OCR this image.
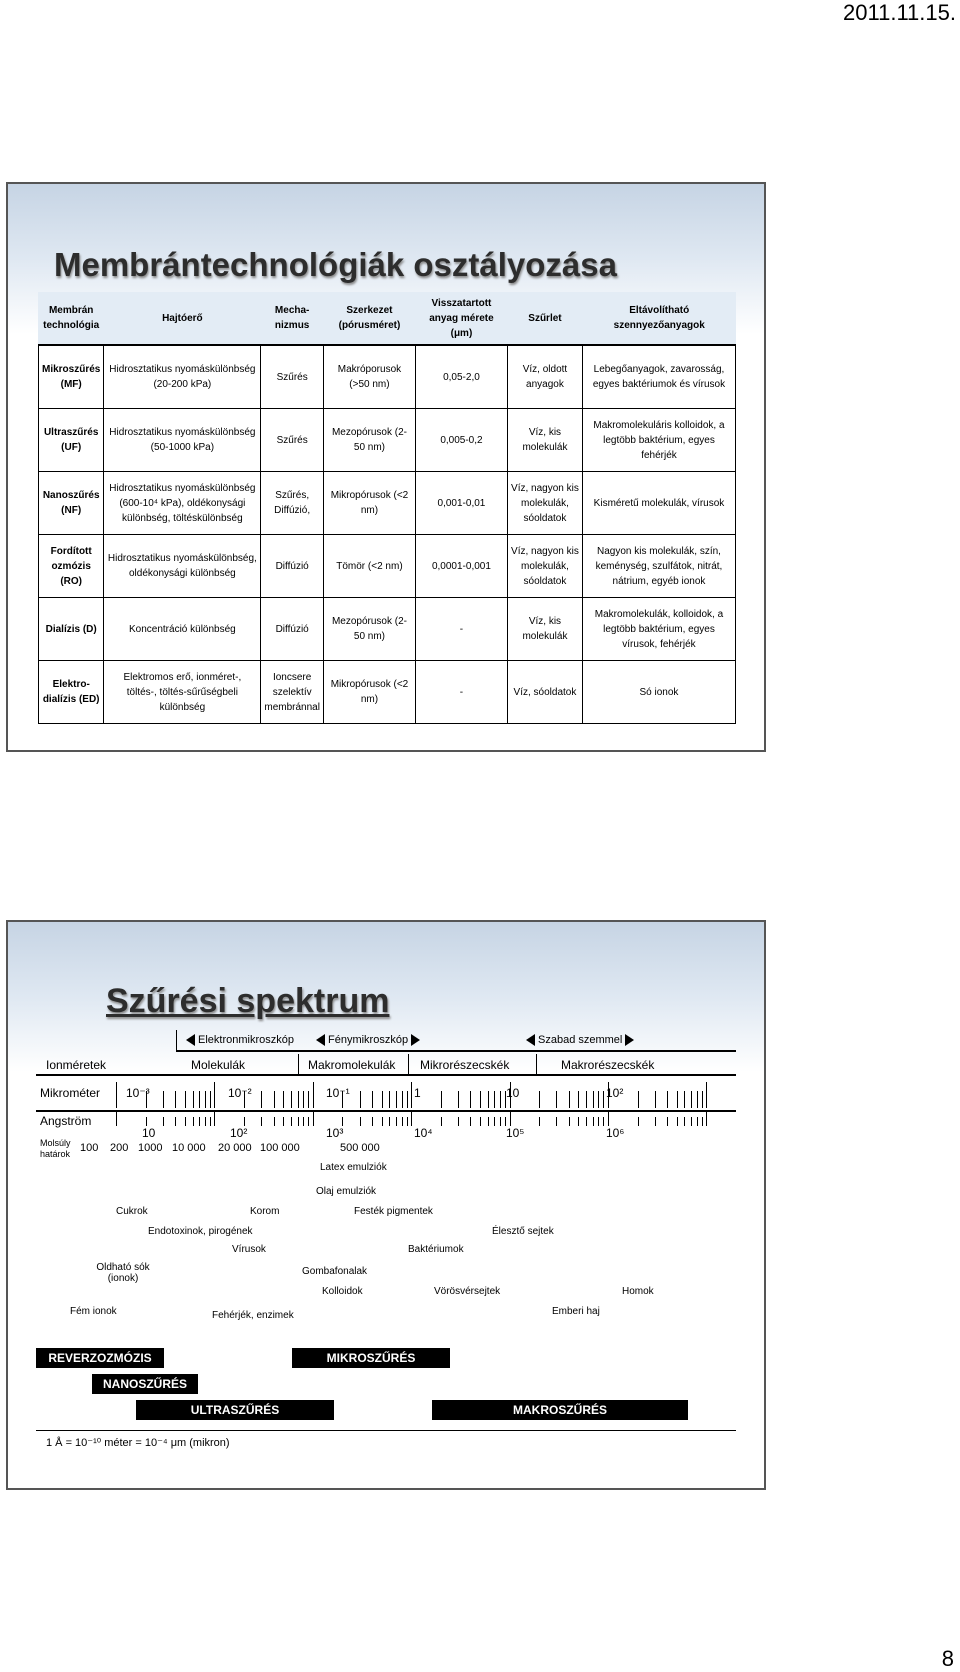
2011.11.15.
Membrántechnológiák osztályozása
Membrán technológia	Hajtóerő	Mecha-nizmus	Szerkezet (pórusméret)	Visszatartott anyag mérete (μm)	Szűrlet	Eltávolítható szennyezőanyagok
Mikroszűrés (MF)	Hidrosztatikus nyomáskülönbség (20-200 kPa)	Szűrés	Makróporusok (>50 nm)	0,05-2,0	Víz, oldott anyagok	Lebegőanyagok, zavarosság, egyes baktériumok és vírusok
Ultraszűrés (UF)	Hidrosztatikus nyomáskülönbség (50-1000 kPa)	Szűrés	Mezopórusok (2-50 nm)	0,005-0,2	Víz, kis molekulák	Makromolekuláris kolloidok, a legtöbb baktérium, egyes fehérjék
Nanoszűrés (NF)	Hidrosztatikus nyomáskülönbség (600-10⁴ kPa), oldékonysági különbség, töltéskülönbség	Szűrés, Diffúzió,	Mikropórusok (<2 nm)	0,001-0,01	Víz, nagyon kis molekulák, sóoldatok	Kisméretű molekulák, vírusok
Fordított ozmózis (RO)	Hidrosztatikus nyomáskülönbség, oldékonysági különbség	Diffúzió	Tömör (<2 nm)	0,0001-0,001	Víz, nagyon kis molekulák, sóoldatok	Nagyon kis molekulák, szín, keménység, szulfátok, nitrát, nátrium, egyéb ionok
Dialízis (D)	Koncentráció különbség	Diffúzió	Mezopórusok (2-50 nm)	-	Víz, kis molekulák	Makromolekulák, kolloidok, a legtöbb baktérium, egyes vírusok, fehérjék
Elektro-dialízis (ED)	Elektromos erő, ionméret-, töltés-, töltés-sűrűségbeli különbség	Ioncsere szelektív membránnal	Mikropórusok (<2 nm)	-	Víz, sóoldatok	Só ionok
Szűrési spektrum
Elektronmikroszkóp	Fénymikroszkóp	Szabad szemmel
Ionméretek	Molekulák	Makromolekulák Mikrorészecskék	Makrorészecskék
Mikrométer 10⁻³	10⁻²	10⁻¹	1	10	10²
Angström
10	10²	10³	10⁴	10⁵	10⁶
Molsúly határok 100 200 1000 10 000 20 000 100 000	500 000
Latex emulziók
Olaj emulziók
Cukrok	Korom	Festék pigmentek
Endotoxinok, pirogének	Élesztő sejtek
Vírusok	Baktériumok
Oldható sók (ionok)
Gombafonalak
Kolloidok	Vörösvérsejtek	Homok
Fém ionok	Fehérjék, enzimek	Emberi haj
REVERZOZMÓZIS	MIKROSZŰRÉS
NANOSZŰRÉS
ULTRASZŰRÉS	MAKROSZŰRÉS
1 Å = 10⁻¹⁰ méter = 10⁻⁴ μm (mikron)
8
